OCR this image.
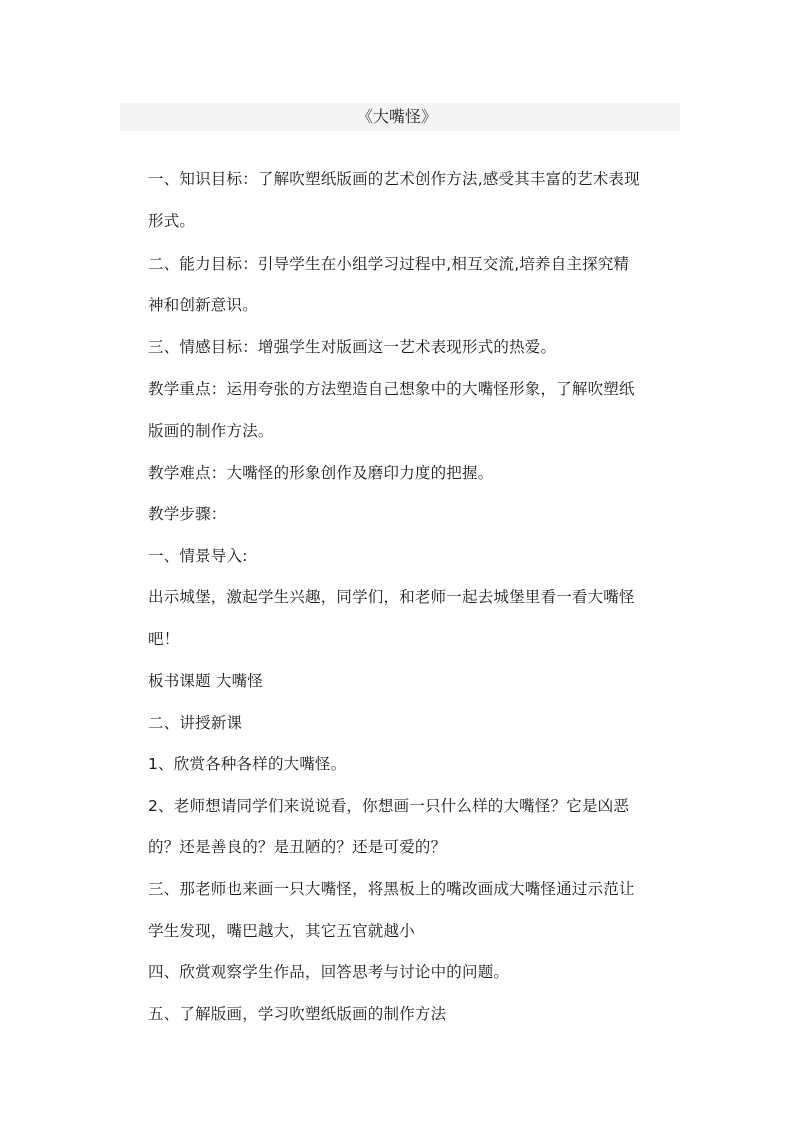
《大嘴怪》
一、知识目标：了解吹塑纸版画的艺术创作方法,感受其丰富的艺术表现
形式。
二、能力目标：引导学生在小组学习过程中,相互交流,培养自主探究精
神和创新意识。
三、情感目标：增强学生对版画这一艺术表现形式的热爱。
教学重点：运用夸张的方法塑造自己想象中的大嘴怪形象，了解吹塑纸
版画的制作方法。
教学难点：大嘴怪的形象创作及磨印力度的把握。
教学步骤：
一、情景导入:
出示城堡，激起学生兴趣，同学们，和老师一起去城堡里看一看大嘴怪
吧！
板书课题 大嘴怪
二、讲授新课
1、欣赏各种各样的大嘴怪。
2、老师想请同学们来说说看，你想画一只什么样的大嘴怪？它是凶恶
的？还是善良的？是丑陋的？还是可爱的？
三、那老师也来画一只大嘴怪，将黑板上的嘴改画成大嘴怪通过示范让
学生发现，嘴巴越大，其它五官就越小
四、欣赏观察学生作品，回答思考与讨论中的问题。
五、了解版画，学习吹塑纸版画的制作方法
